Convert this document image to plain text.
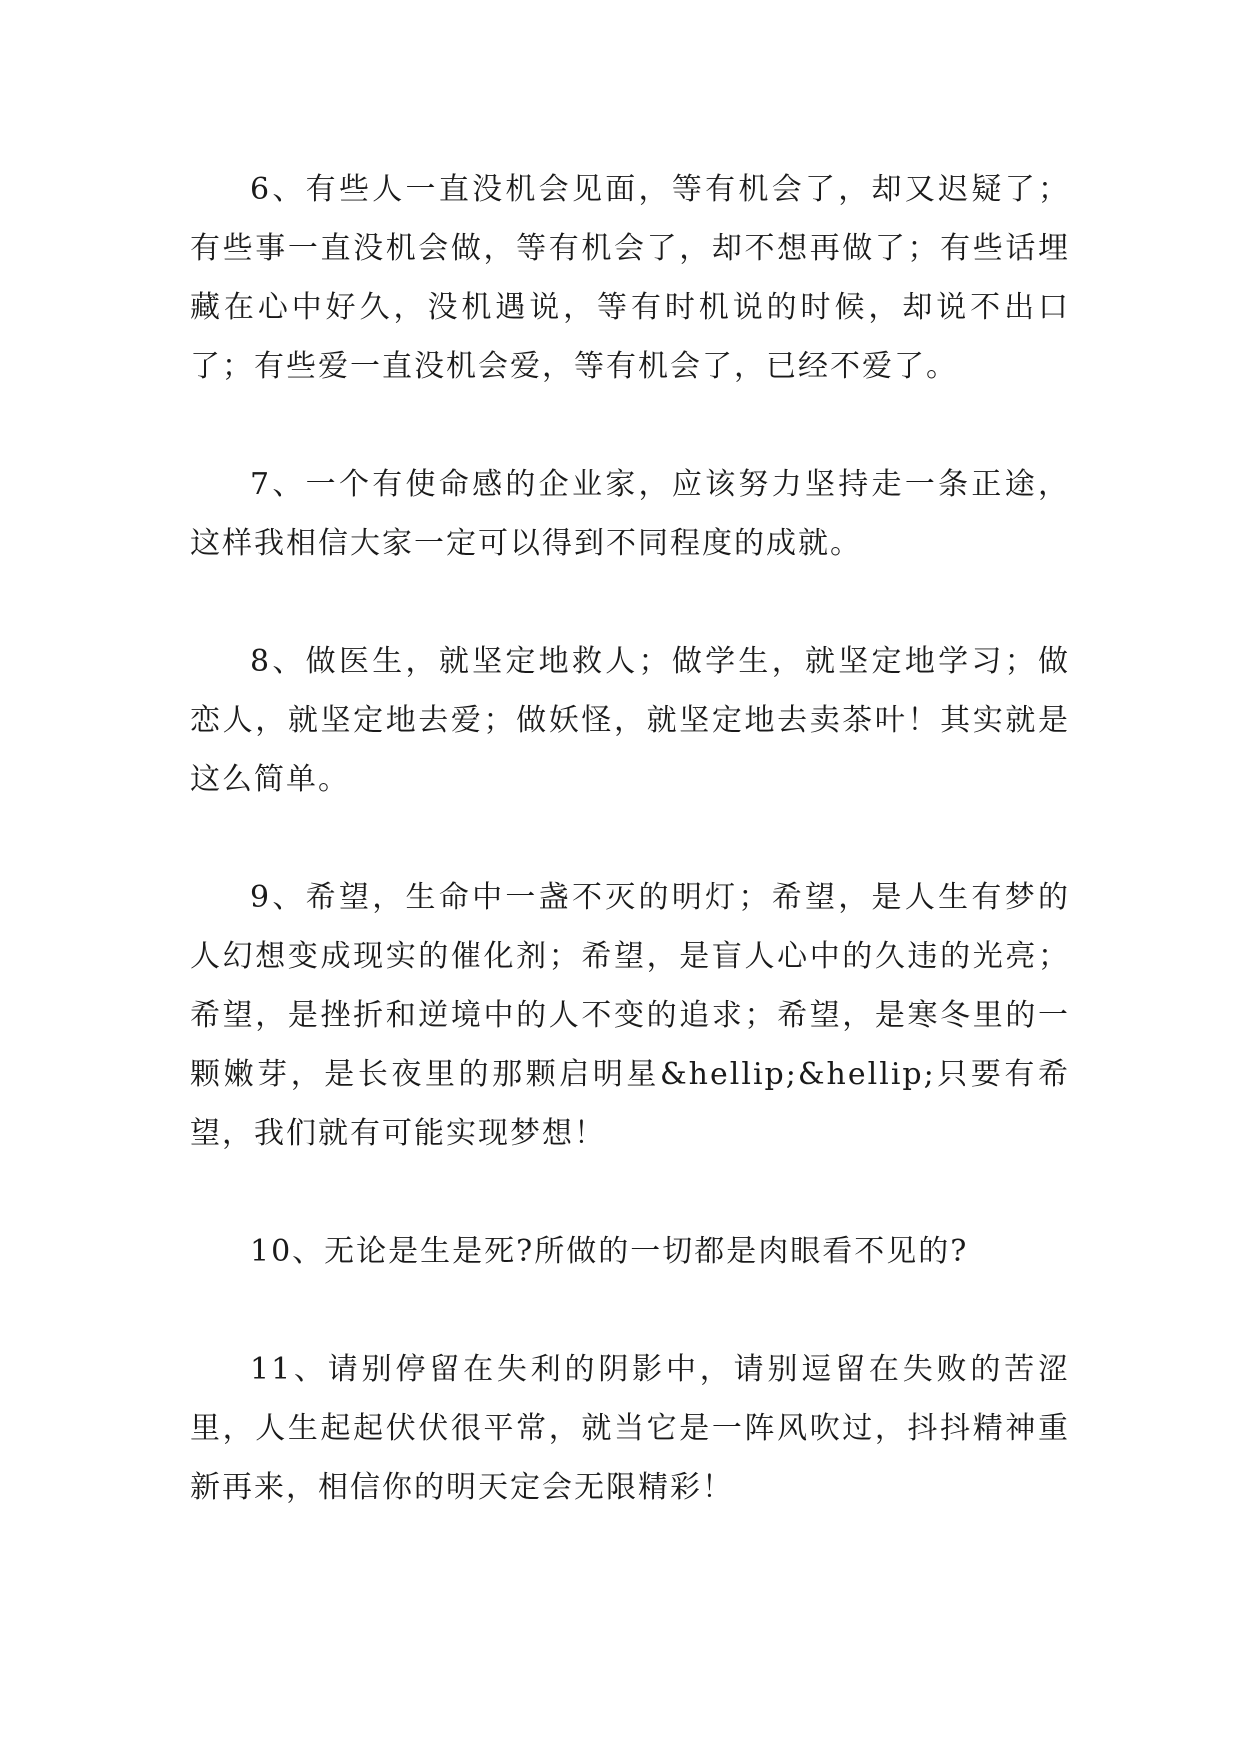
6、有些人一直没机会见面，等有机会了，却又迟疑了；有些事一直没机会做，等有机会了，却不想再做了；有些话埋藏在心中好久，没机遇说，等有时机说的时候，却说不出口了；有些爱一直没机会爱，等有机会了，已经不爱了。

7、一个有使命感的企业家，应该努力坚持走一条正途，这样我相信大家一定可以得到不同程度的成就。

8、做医生，就坚定地救人；做学生，就坚定地学习；做恋人，就坚定地去爱；做妖怪，就坚定地去卖茶叶！其实就是这么简单。

9、希望，生命中一盏不灭的明灯；希望，是人生有梦的人幻想变成现实的催化剂；希望，是盲人心中的久违的光亮；希望，是挫折和逆境中的人不变的追求；希望，是寒冬里的一颗嫩芽，是长夜里的那颗启明星&hellip;&hellip;只要有希望，我们就有可能实现梦想！

10、无论是生是死?所做的一切都是肉眼看不见的?

11、请别停留在失利的阴影中，请别逗留在失败的苦涩里，人生起起伏伏很平常，就当它是一阵风吹过，抖抖精神重新再来，相信你的明天定会无限精彩！
